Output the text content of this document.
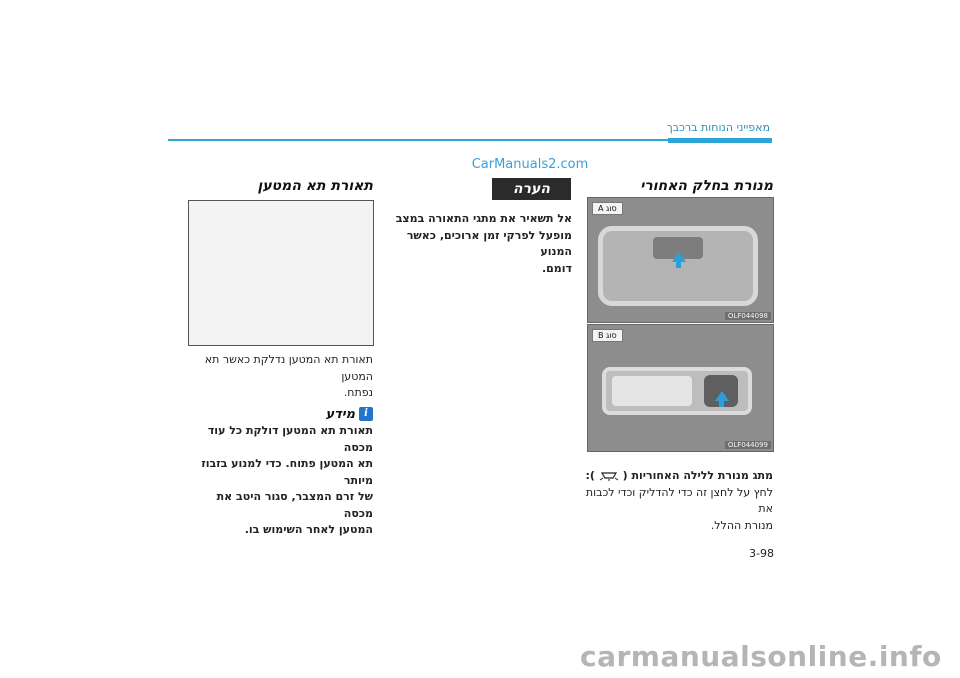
מאפייני הנוחות ברכבך
CarManuals2.com
מנורת בחלק האחורי
סוג A
OLF044098
סוג B
OLF044099
מתג מנורת ללילה האחוריות (  ):
לחץ על לחצן זה כדי להדליק וכדי לכבות את
מנורת ההלל.
הערה
אל תשאיר את מתגי התאורה במצב
מופעל לפרקי זמן ארוכים, כאשר המנוע
דומם.
תאורת תא המטען
תאורת תא המטען נדלקת כאשר תא המטען
נפתח.
iמידע
תאורת תא המטען דולקת כל עוד מכסה
תא המטען פתוח. כדי למנוע בזבוז מיותר
של זרם המצבר, סגור היטב את מכסה
המטען לאחר השימוש בו.
3-98
carmanualsonline.info
